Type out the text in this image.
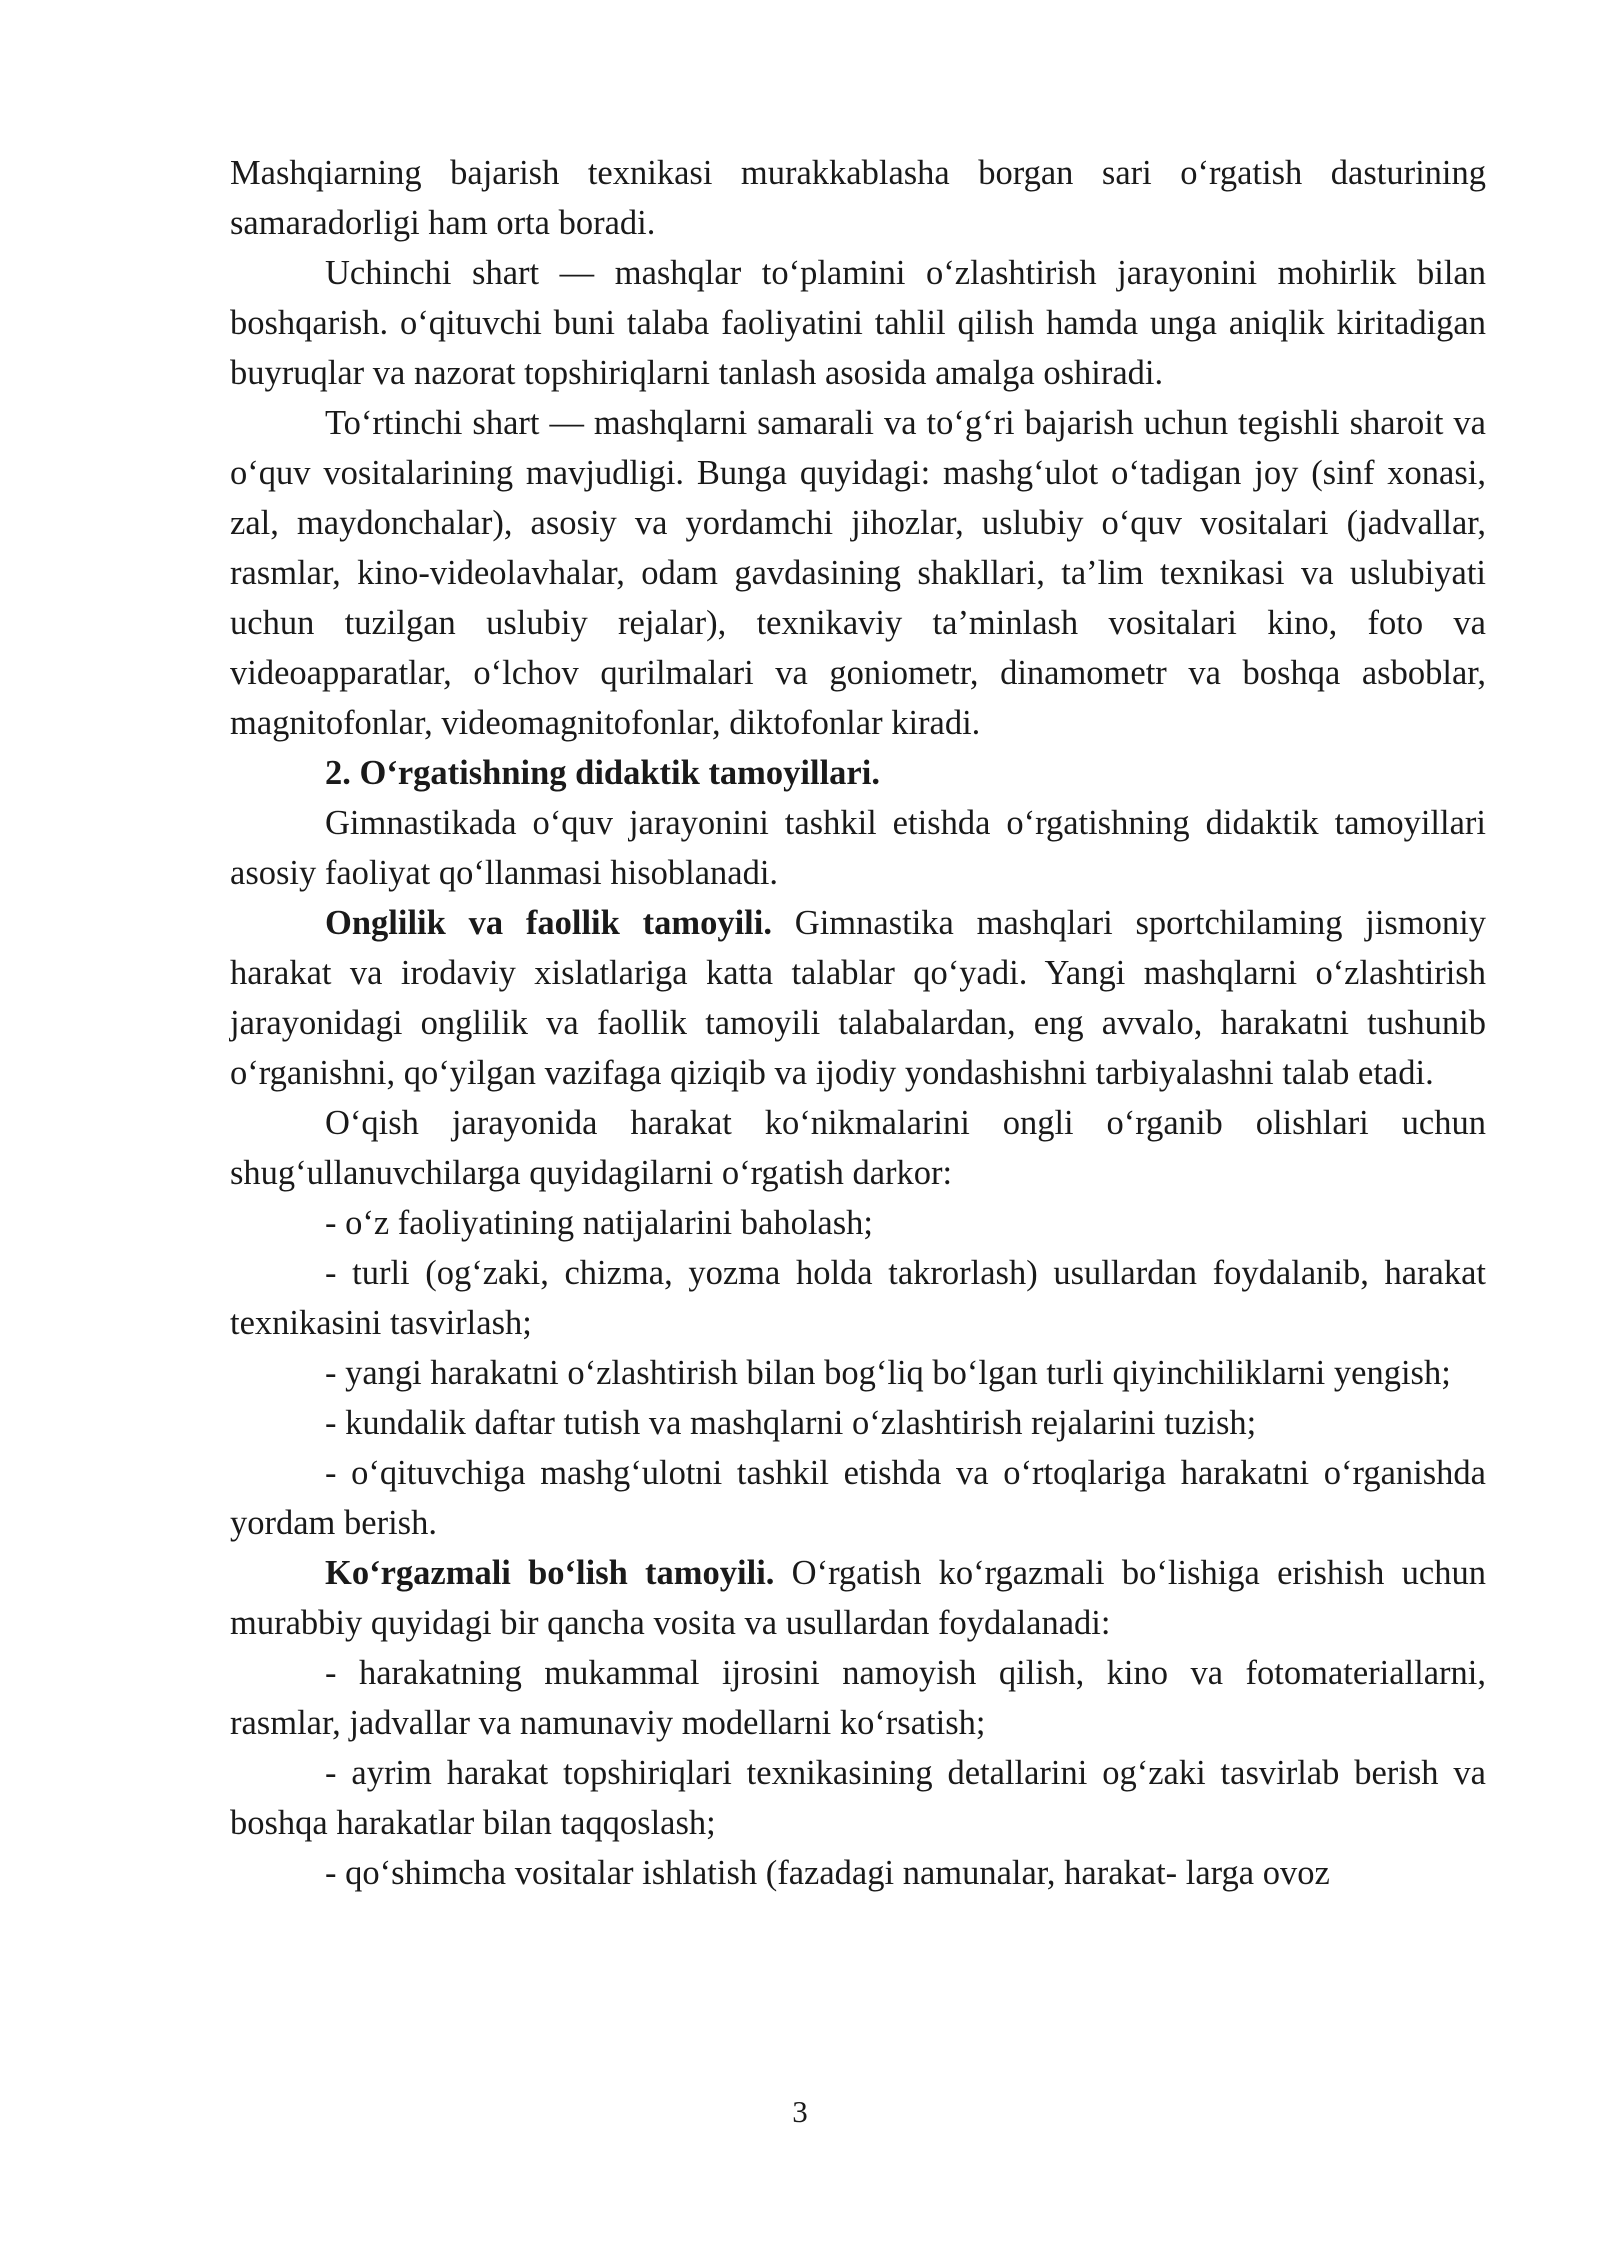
Mashqiarning bajarish texnikasi murakkablasha borgan sari o‘rgatish dasturining samaradorligi ham orta boradi.

Uchinchi shart — mashqlar to‘plamini o‘zlashtirish jarayonini mohirlik bilan boshqarish. o‘qituvchi buni talaba faoliyatini tahlil qilish hamda unga aniqlik kiritadigan buyruqlar va nazorat topshiriqlarni tanlash asosida amalga oshiradi.

To‘rtinchi shart — mashqlarni samarali va to‘g‘ri bajarish uchun tegishli sharoit va o‘quv vositalarining mavjudligi. Bunga quyidagi: mashg‘ulot o‘tadigan joy (sinf xonasi, zal, maydonchalar), asosiy va yordamchi jihozlar, uslubiy o‘quv vositalari (jadvallar, rasmlar, kino-videolavhalar, odam gavdasining shakllari, ta’lim texnikasi va uslubiyati uchun tuzilgan uslubiy rejalar), texnikaviy ta’minlash vositalari kino, foto va videoapparatlar, o‘lchov qurilmalari va goniometr, dinamometr va boshqa asboblar, magnitofonlar, videomagnitofonlar, diktofonlar kiradi.

2. O‘rgatishning didaktik tamoyillari.

Gimnastikada o‘quv jarayonini tashkil etishda o‘rgatishning didaktik tamoyillari asosiy faoliyat qo‘llanmasi hisoblanadi.

Onglilik va faollik tamoyili. Gimnastika mashqlari sportchilaming jismoniy harakat va irodaviy xislatlariga katta talablar qo‘yadi. Yangi mashqlarni o‘zlashtirish jarayonidagi onglilik va faollik tamoyili talabalardan, eng avvalo, harakatni tushunib o‘rganishni, qo‘yilgan vazifaga qiziqib va ijodiy yondashishni tarbiyalashni talab etadi.

O‘qish jarayonida harakat ko‘nikmalarini ongli o‘rganib olishlari uchun shug‘ullanuvchilarga quyidagilarni o‘rgatish darkor:

- o‘z faoliyatining natijalarini baholash;

- turli (og‘zaki, chizma, yozma holda takrorlash) usullardan foydalanib, harakat texnikasini tasvirlash;

- yangi harakatni o‘zlashtirish bilan bog‘liq bo‘lgan turli qiyinchiliklarni yengish;

- kundalik daftar tutish va mashqlarni o‘zlashtirish rejalarini tuzish;

- o‘qituvchiga mashg‘ulotni tashkil etishda va o‘rtoqlariga harakatni o‘rganishda yordam berish.

Ko‘rgazmali bo‘lish tamoyili. O‘rgatish ko‘rgazmali bo‘lishiga erishish uchun murabbiy quyidagi bir qancha vosita va usullardan foydalanadi:

- harakatning mukammal ijrosini namoyish qilish, kino va fotomateriallarni, rasmlar, jadvallar va namunaviy modellarni ko‘rsatish;

- ayrim harakat topshiriqlari texnikasining detallarini og‘zaki tasvirlab berish va boshqa harakatlar bilan taqqoslash;

- qo‘shimcha vositalar ishlatish (fazadagi namunalar, harakat- larga ovoz

3
